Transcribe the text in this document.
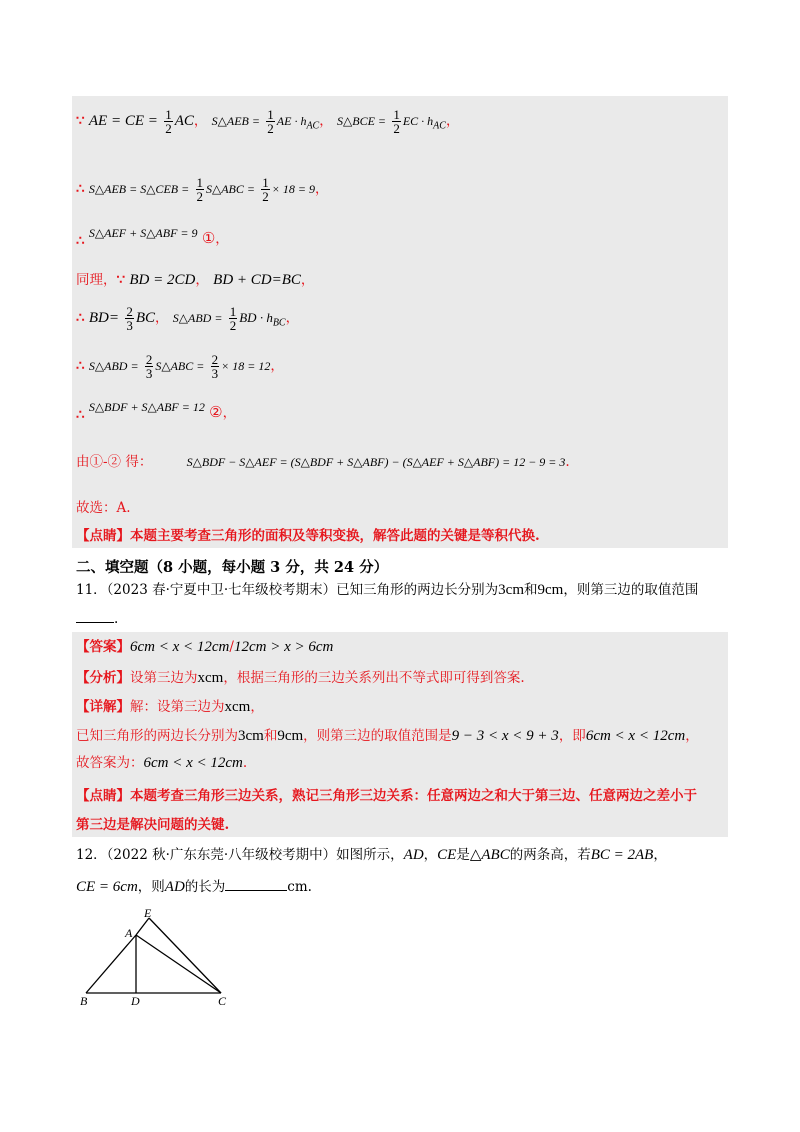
∵ AE = CE = $\frac{1}{2}$ AC， S△AEB = $\frac{1}{2}$ AE · $h_{AC}$， S△BCE = $\frac{1}{2}$ EC · $h_{AC}$，
∴ S△AEB = S△CEB = $\frac{1}{2}$ S△ABC = $\frac{1}{2} \times 18 = 9$，
∴ S△AEF + S△ABF = 9 ①，
同理，∵ BD = 2CD， BD + CD=BC，
∴ $BD= \frac{2}{3}$ BC， S△ABD = $\frac{1}{2}$ BD · $h_{BC}$，
∴ S△ABD = $\frac{2}{3}$ S△ABC = $\frac{2}{3} \times 18 = 12$，
∴ S△BDF + S△ABF = 12 ②，
由①-② 得：	S△BDF − S△AEF = (S△BDF + S△ABF) − (S△AEF + S△ABF) = 12 − 9 = 3.
故选：A.
【点睛】本题主要考查三角形的面积及等积变换，解答此题的关键是等积代换.
二、填空题（8 小题，每小题 3 分，共 24 分）
11．（2023 春·宁夏中卫·七年级校考期末）已知三角形的两边长分别为3cm和9cm，则第三边的取值范围
.
【答案】6cm < x < 12cm/12cm > x > 6cm
【分析】设第三边为xcm，根据三角形的三边关系列出不等式即可得到答案.
【详解】解：设第三边为xcm，
已知三角形的两边长分别为3cm和9cm，则第三边的取值范围是9 − 3 < x < 9 + 3，即6cm < x < 12cm，
故答案为：6cm < x < 12cm.
【点睛】本题考查三角形三边关系，熟记三角形三边关系：任意两边之和大于第三边、任意两边之差小于
第三边是解决问题的关键.
12．（2022 秋·广东东莞·八年级校考期中）如图所示，AD，CE是△ABC的两条高，若BC = 2AB，
CE = 6cm，则AD的长为	cm.
E
A
B	D	C
